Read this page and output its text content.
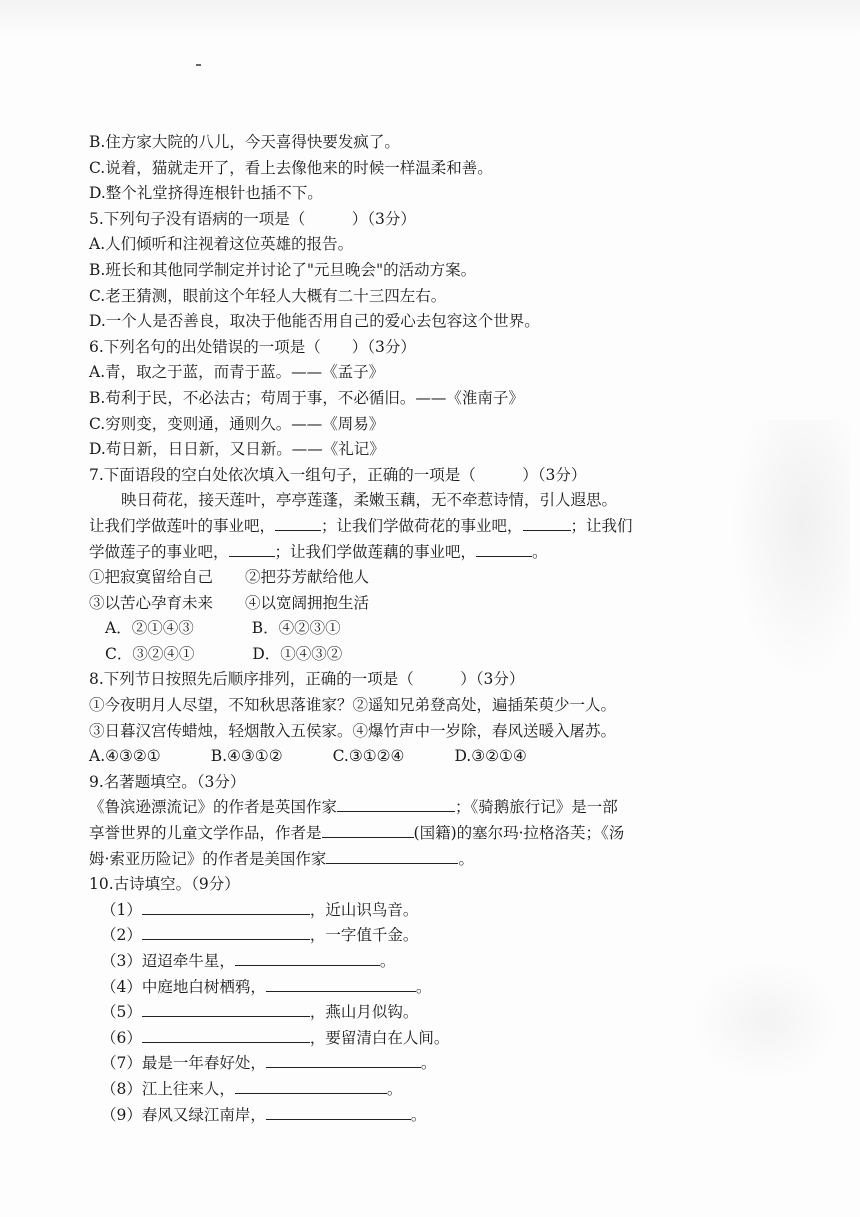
B.住方家大院的八儿，今天喜得快要发疯了。
C.说着，猫就走开了，看上去像他来的时候一样温柔和善。
D.整个礼堂挤得连根针也插不下。
5.下列句子没有语病的一项是（　　　）（3分）
A.人们倾听和注视着这位英雄的报告。
B.班长和其他同学制定并讨论了"元旦晚会"的活动方案。
C.老王猜测，眼前这个年轻人大概有二十三四左右。
D.一个人是否善良，取决于他能否用自己的爱心去包容这个世界。
6.下列名句的出处错误的一项是（　　）（3分）
A.青，取之于蓝，而青于蓝。——《孟子》
B.苟利于民，不必法古；苟周于事，不必循旧。——《淮南子》
C.穷则变，变则通，通则久。——《周易》
D.苟日新，日日新，又日新。——《礼记》
7.下面语段的空白处依次填入一组句子，正确的一项是（　　　）（3分）
映日荷花，接天莲叶，亭亭莲蓬，柔嫩玉藕，无不牵惹诗情，引人遐思。
让我们学做莲叶的事业吧，	；让我们学做荷花的事业吧，	；让我们
学做莲子的事业吧，	；让我们学做莲藕的事业吧，	。
①把寂寞留给自己 ②把芬芳献给他人
③以苦心孕育未来 ④以宽阔拥抱生活
A．②①④③	B．④②③①
C．③②④①	D．①④③②
8.下列节日按照先后顺序排列，正确的一项是（　　　）（3分）
①今夜明月人尽望，不知秋思落谁家？②遥知兄弟登高处，遍插茱萸少一人。
③日暮汉宫传蜡烛，轻烟散入五侯家。④爆竹声中一岁除，春风送暖入屠苏。
A.④③②①	B.④③①②	C.③①②④	D.③②①④
9.名著题填空。（3分）
《鲁滨逊漂流记》的作者是英国作家	；《骑鹅旅行记》是一部
享誉世界的儿童文学作品，作者是	(国籍)的塞尔玛·拉格洛芙；《汤
姆·索亚历险记》的作者是美国作家	。
10.古诗填空。（9分）
（1）	，近山识鸟音。
（2）	，一字值千金。
（3）迢迢牵牛星，	。
（4）中庭地白树栖鸦，	。
（5）	，燕山月似钩。
（6）	，要留清白在人间。
（7）最是一年春好处，	。
（8）江上往来人，	。
（9）春风又绿江南岸，	。
